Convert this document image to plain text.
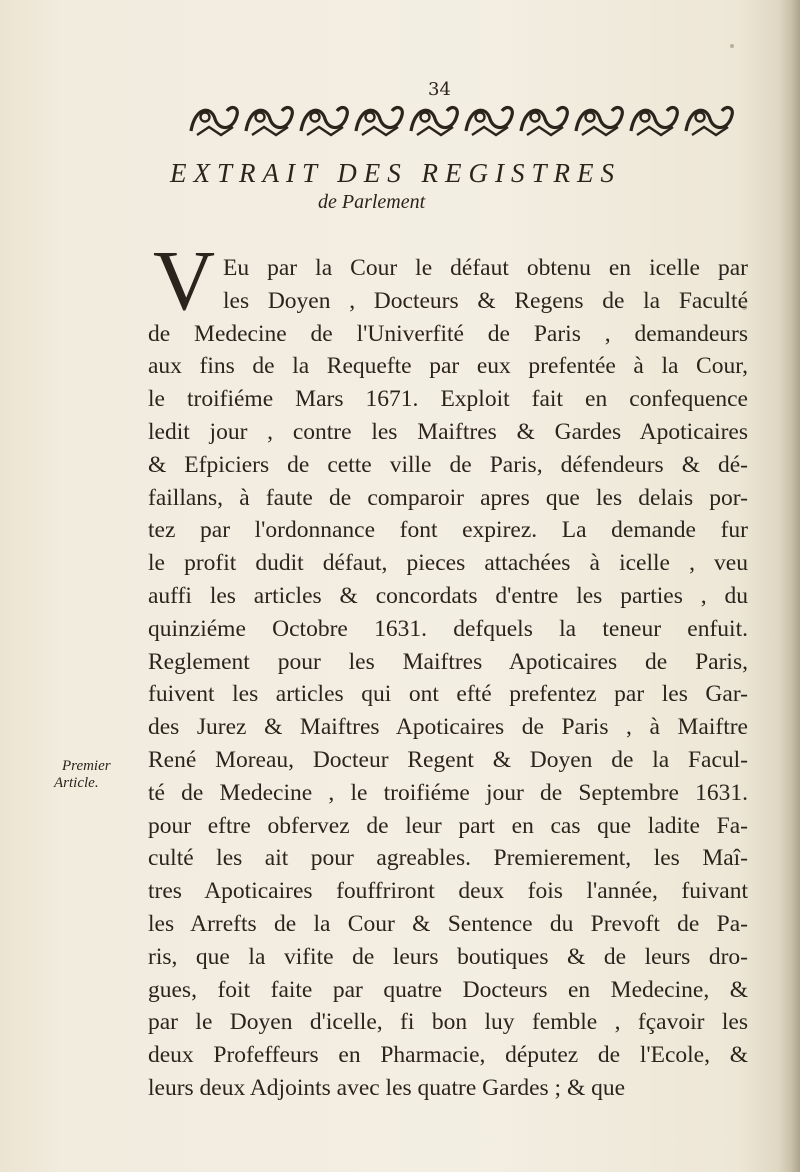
34
EXTRAIT DES REGISTRES
de Parlement
V Eu par la Cour le défaut obtenu en icelle par
les Doyen , Docteurs & Regens de la Faculté
de Medecine de l'Univerfité de Paris , demandeurs
aux fins de la Requefte par eux prefentée à la Cour,
le troifiéme Mars 1671. Exploit fait en confequence
ledit jour , contre les Maiftres & Gardes Apoticaires
& Efpiciers de cette ville de Paris, défendeurs & dé-
faillans, à faute de comparoir apres que les delais por-
tez par l'ordonnance font expirez. La demande fur
le profit dudit défaut, pieces attachées à icelle , veu
auffi les articles & concordats d'entre les parties , du
quinziéme Octobre 1631. defquels la teneur enfuit.
Reglement pour les Maiftres Apoticaires de Paris,
fuivent les articles qui ont efté prefentez par les Gar-
des Jurez & Maiftres Apoticaires de Paris , à Maiftre
René Moreau, Docteur Regent & Doyen de la Facul-
té de Medecine , le troifiéme jour de Septembre 1631.
pour eftre obfervez de leur part en cas que ladite Fa-
culté les ait pour agreables. Premierement, les Maî-
tres Apoticaires fouffriront deux fois l'année, fuivant
les Arrefts de la Cour & Sentence du Prevoft de Pa-
ris, que la vifite de leurs boutiques & de leurs dro-
gues, foit faite par quatre Docteurs en Medecine, &
par le Doyen d'icelle, fi bon luy femble , fçavoir les
deux Profeffeurs en Pharmacie, députez de l'Ecole, &
leurs deux Adjoints avec les quatre Gardes ; & que
Premier
Article.
